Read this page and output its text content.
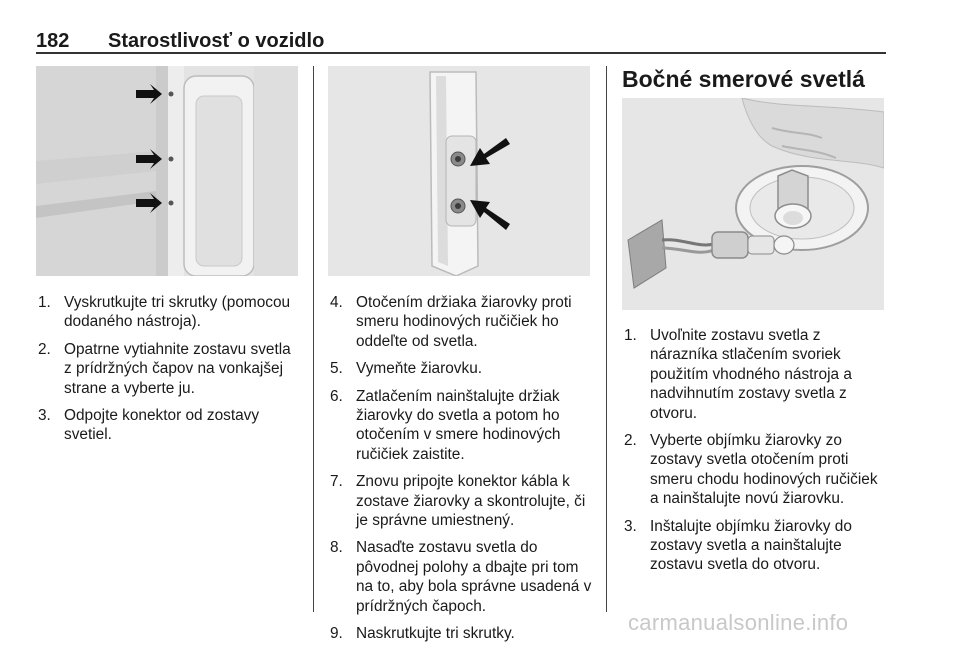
182 Starostlivosť o vozidlo
1. Vyskrutkujte tri skrutky (pomocou dodaného nástroja).
2. Opatrne vytiahnite zostavu svetla z prídržných čapov na vonkajšej strane a vyberte ju.
3. Odpojte konektor od zostavy svetiel.
4. Otočením držiaka žiarovky proti smeru hodinových ručičiek ho oddeľte od svetla.
5. Vymeňte žiarovku.
6. Zatlačením nainštalujte držiak žiarovky do svetla a potom ho otočením v smere hodinových ručičiek zaistite.
7. Znovu pripojte konektor kábla k zostave žiarovky a skontrolujte, či je správne umiestnený.
8. Nasaďte zostavu svetla do pôvodnej polohy a dbajte pri tom na to, aby bola správne usadená v prídržných čapoch.
9. Naskrutkujte tri skrutky.
Bočné smerové svetlá
1. Uvoľnite zostavu svetla z nárazníka stlačením svoriek použitím vhodného nástroja a nadvihnutím zostavy svetla z otvoru.
2. Vyberte objímku žiarovky zo zostavy svetla otočením proti smeru chodu hodinových ručičiek a nainštalujte novú žiarovku.
3. Inštalujte objímku žiarovky do zostavy svetla a nainštalujte zostavu svetla do otvoru.
carmanualsonline.info
